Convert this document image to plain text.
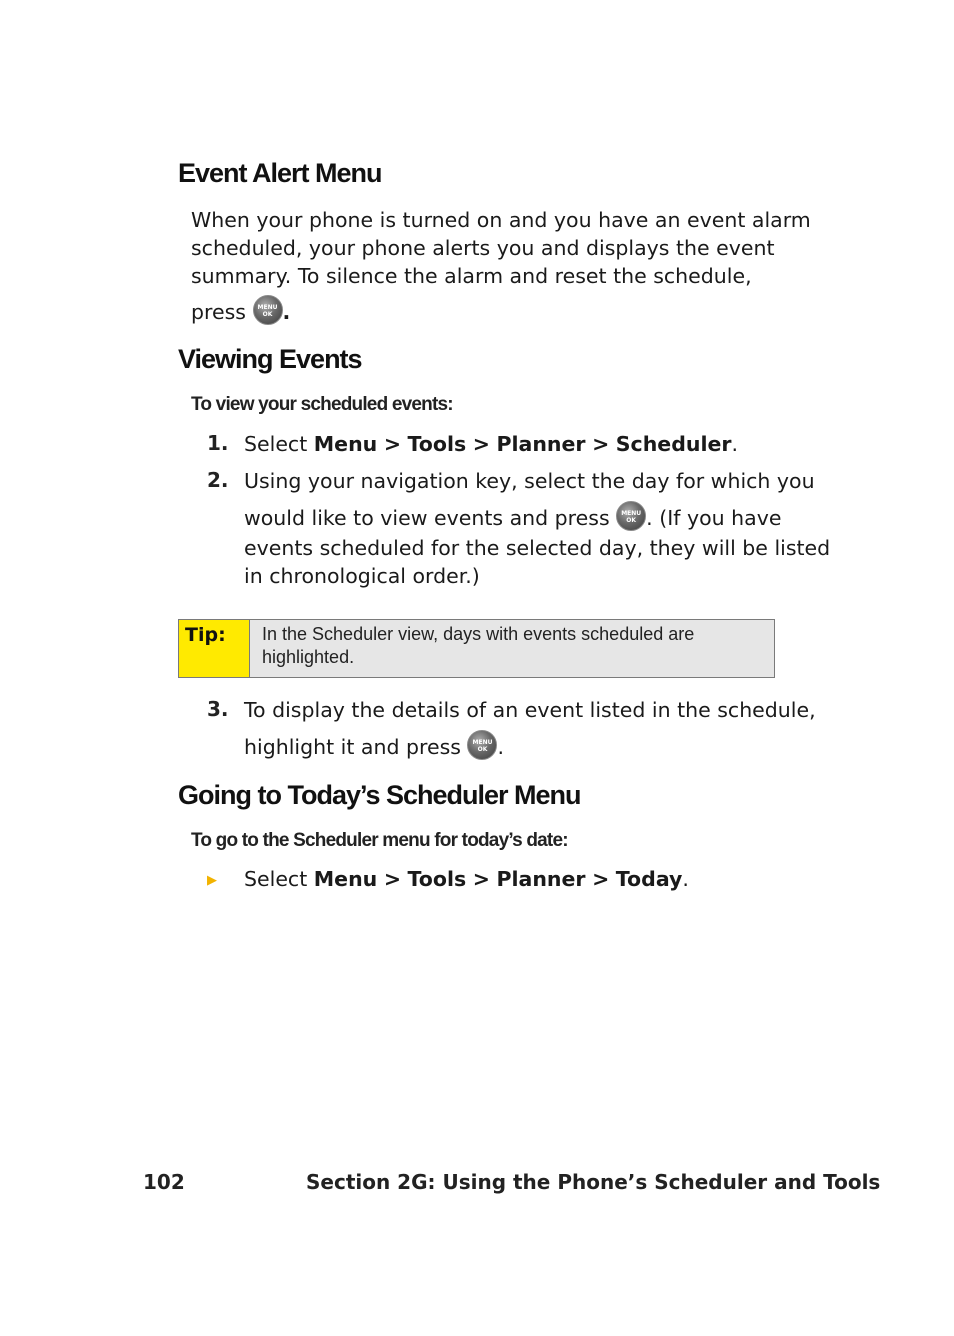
Event Alert Menu

When your phone is turned on and you have an event alarm

scheduled, your phone alerts you and displays the event

summary. To silence the alarm and reset the schedule,

press MENU
OK .
Viewing Events
To view your scheduled events:
1. Select Menu > Tools > Planner > Scheduler.
2. Using your navigation key, select the day for which you

would like to view events and press MENU
OK . (If you have

events scheduled for the selected day, they will be listed

in chronological order.)

Tip:	In the Scheduler view, days with events scheduled are
highlighted.
3. To display the details of an event listed in the schedule,

highlight it and press MENU
OK .

Going to Today’s Scheduler Menu
To go to the Scheduler menu for today’s date:
▶ Select Menu > Tools > Planner > Today.
102	Section 2G: Using the Phone’s Scheduler and Tools
